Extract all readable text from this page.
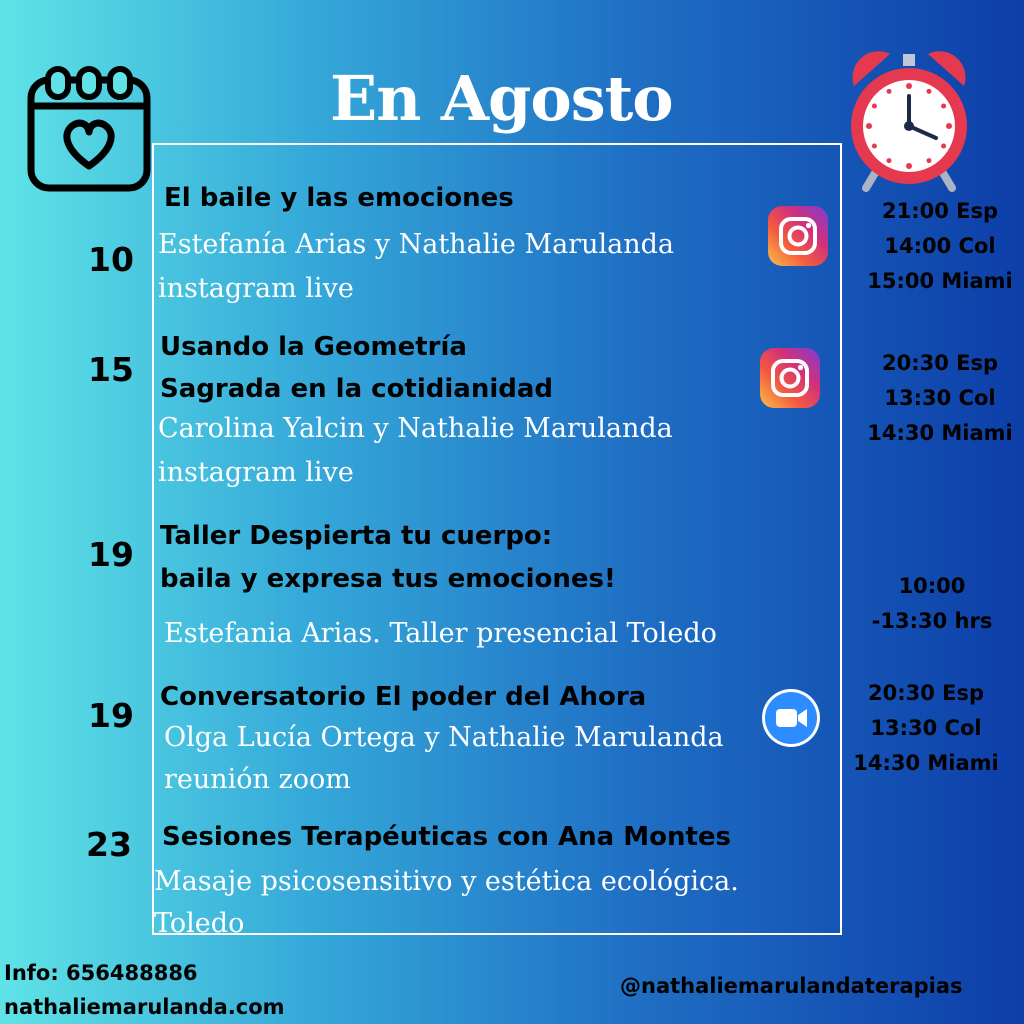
En Agosto
10
El baile y las emociones
Estefanía Arias y Nathalie Marulanda
instagram live
21:00 Esp
14:00 Col
15:00 Miami
15
Usando la Geometría
Sagrada en la cotidianidad
Carolina Yalcin y Nathalie Marulanda
instagram live
20:30 Esp
13:30 Col
14:30 Miami
19 Taller Despierta tu cuerpo:
baila y expresa tus emociones!
Estefania Arias. Taller presencial Toledo
10:00
-13:30 hrs
19 Conversatorio El poder del Ahora
Olga Lucía Ortega y Nathalie Marulanda
reunión zoom
20:30 Esp
13:30 Col
14:30 Miami
23 Sesiones Terapéuticas con Ana Montes
Masaje psicosensitivo y estética ecológica.
Toledo
Info: 656488886
nathaliemarulanda.com
@nathaliemarulandaterapias
